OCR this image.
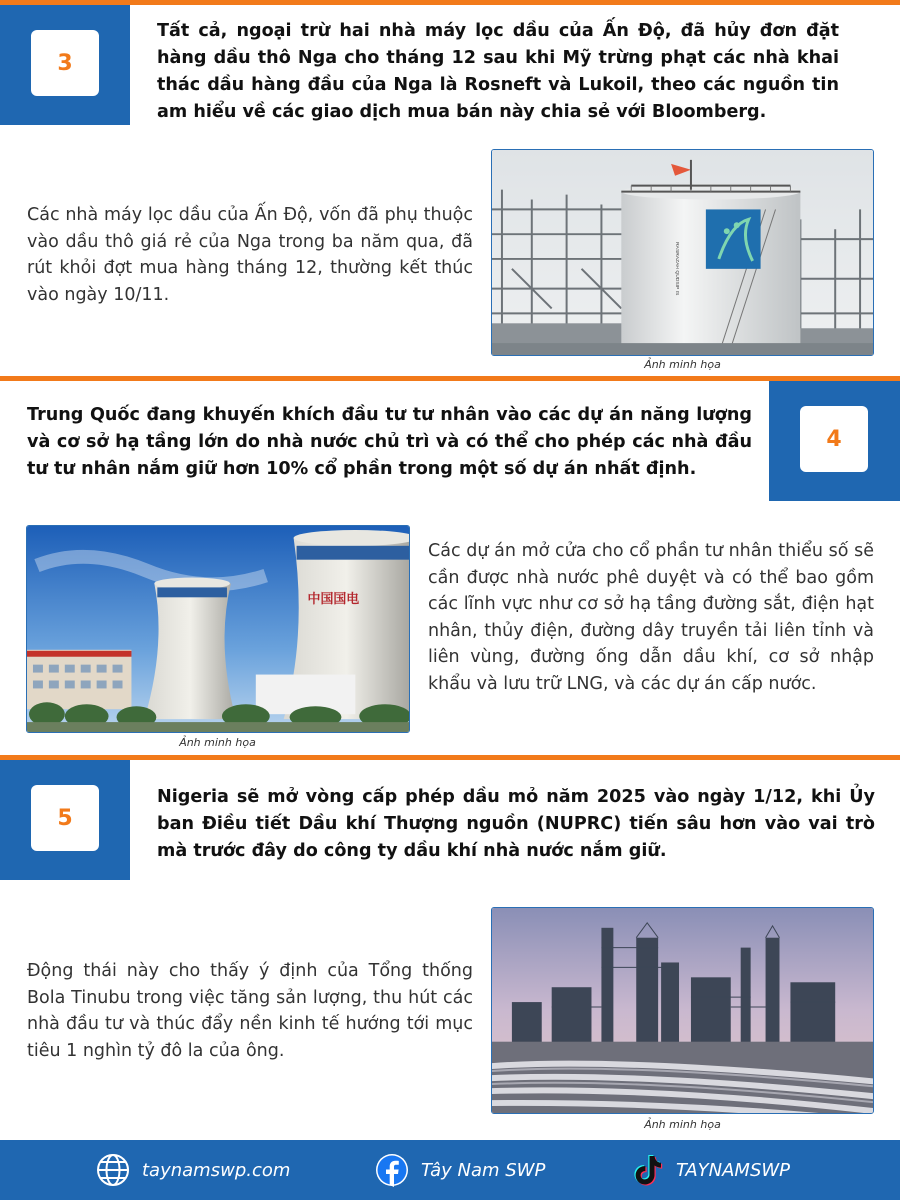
3
Tất cả, ngoại trừ hai nhà máy lọc dầu của Ấn Độ, đã hủy đơn đặt hàng dầu thô Nga cho tháng 12 sau khi Mỹ trừng phạt các nhà khai thác dầu hàng đầu của Nga là Rosneft và Lukoil, theo các nguồn tin am hiểu về các giao dịch mua bán này chia sẻ với Bloomberg.
Các nhà máy lọc dầu của Ấn Độ, vốn đã phụ thuộc vào dầu thô giá rẻ của Nga trong ba năm qua, đã rút khỏi đợt mua hàng tháng 12, thường kết thúc vào ngày 10/11.	RASRAZAH QUDSIP IS
Ảnh minh họa
4
Trung Quốc đang khuyến khích đầu tư tư nhân vào các dự án năng lượng và cơ sở hạ tầng lớn do nhà nước chủ trì và có thể cho phép các nhà đầu tư tư nhân nắm giữ hơn 10% cổ phần trong một số dự án nhất định.
中国国电
Ảnh minh họa
Các dự án mở cửa cho cổ phần tư nhân thiểu số sẽ cần được nhà nước phê duyệt và có thể bao gồm các lĩnh vực như cơ sở hạ tầng đường sắt, điện hạt nhân, thủy điện, đường dây truyền tải liên tỉnh và liên vùng, đường ống dẫn dầu khí, cơ sở nhập khẩu và lưu trữ LNG, và các dự án cấp nước.
5
Nigeria sẽ mở vòng cấp phép dầu mỏ năm 2025 vào ngày 1/12, khi Ủy ban Điều tiết Dầu khí Thượng nguồn (NUPRC) tiến sâu hơn vào vai trò mà trước đây do công ty dầu khí nhà nước nắm giữ.
Động thái này cho thấy ý định của Tổng thống Bola Tinubu trong việc tăng sản lượng, thu hút các nhà đầu tư và thúc đẩy nền kinh tế hướng tới mục tiêu 1 nghìn tỷ đô la của ông.
Ảnh minh họa
taynamswp.com	Tây Nam SWP	TAYNAMSWP
